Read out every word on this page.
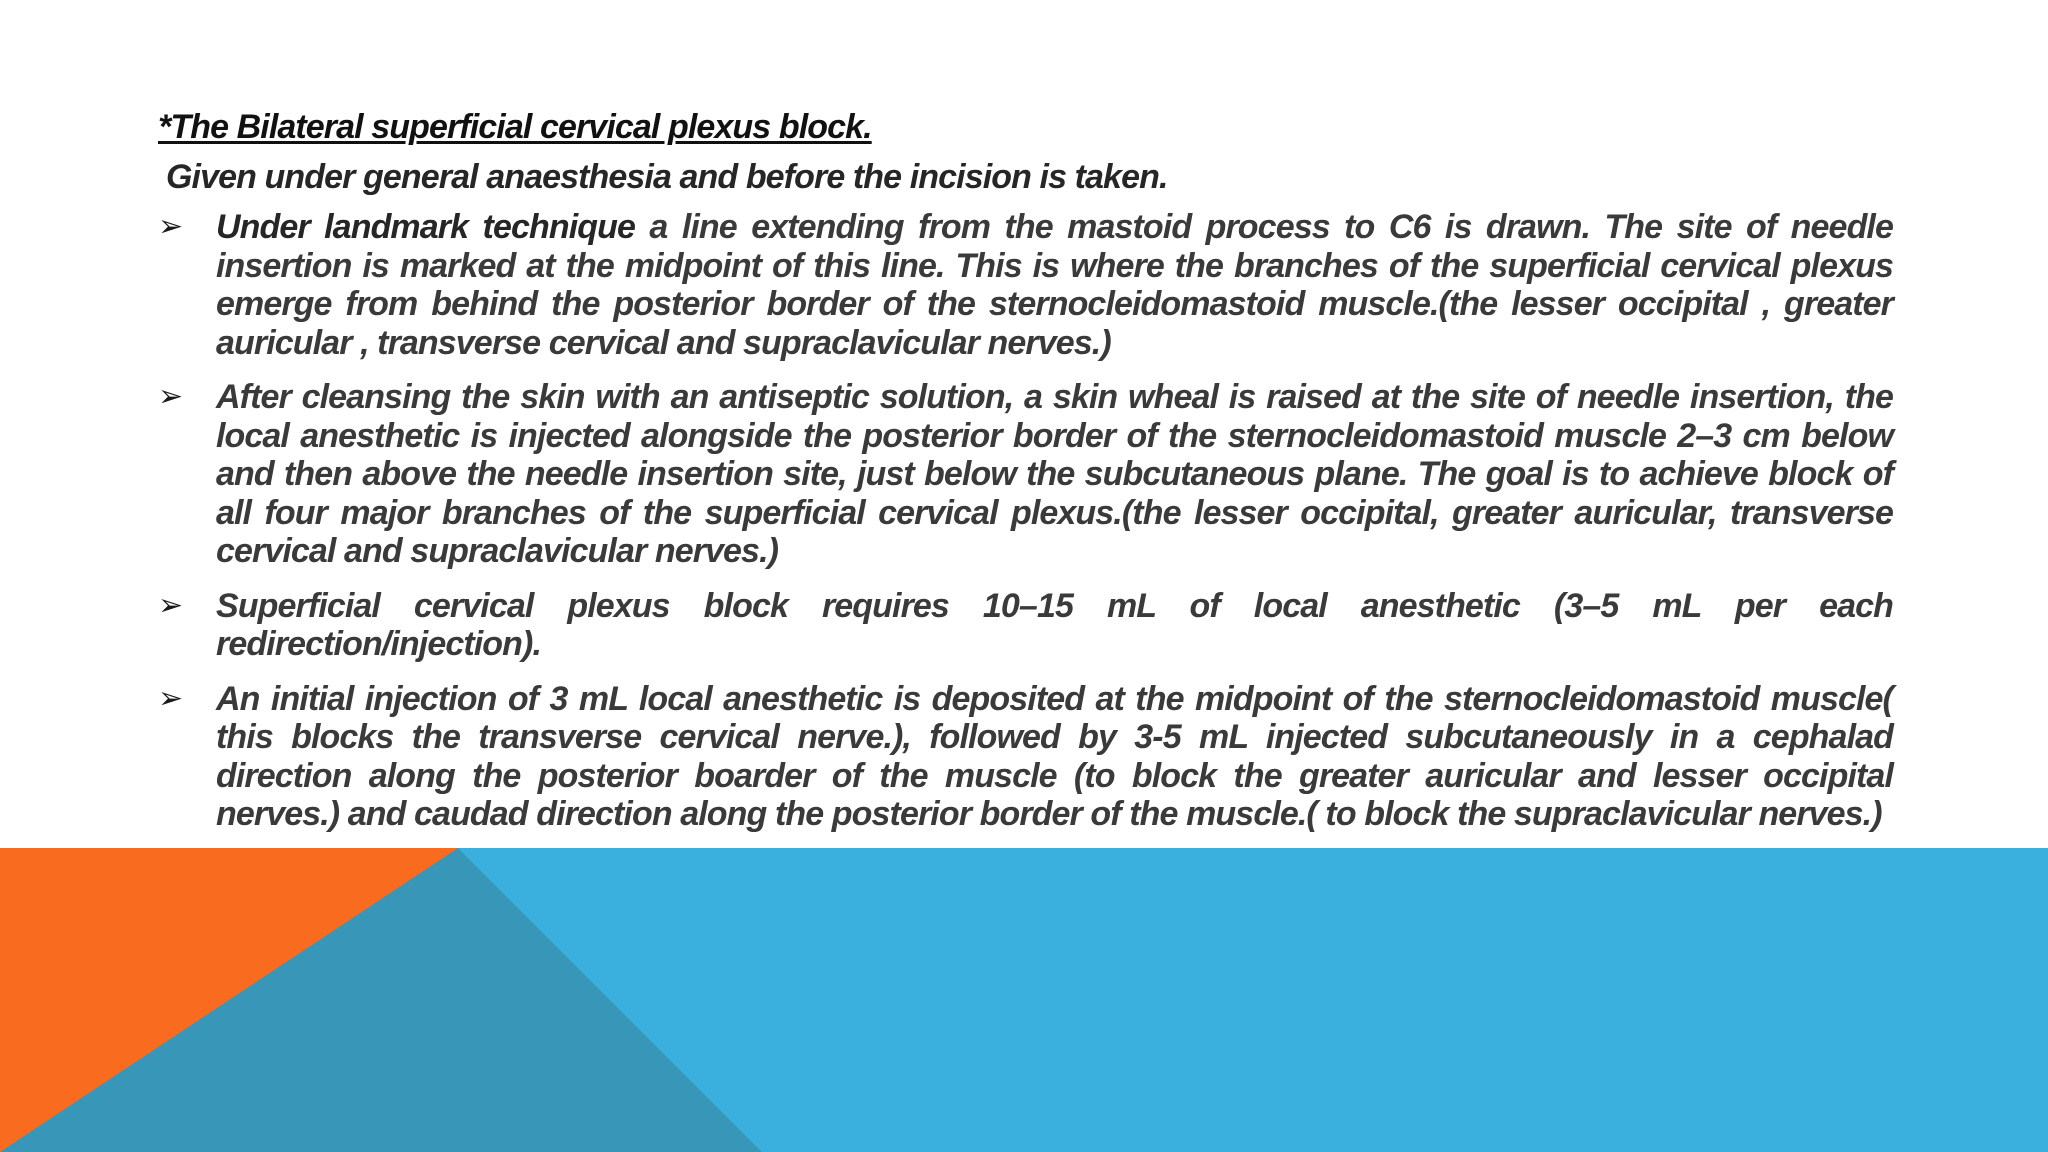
*The Bilateral superficial cervical plexus block.

Given under general anaesthesia and before the incision is taken.

➢ Under landmark technique a line extending from the mastoid process to C6 is drawn. The site of needle insertion is marked at the midpoint of this line. This is where the branches of the superficial cervical plexus emerge from behind the posterior border of the sternocleidomastoid muscle.(the lesser occipital , greater auricular , transverse cervical and supraclavicular nerves.)
➢ After cleansing the skin with an antiseptic solution, a skin wheal is raised at the site of needle insertion, the local anesthetic is injected alongside the posterior border of the sternocleidomastoid muscle 2–3 cm below and then above the needle insertion site, just below the subcutaneous plane. The goal is to achieve block of all four major branches of the superficial cervical plexus.(the lesser occipital, greater auricular, transverse cervical and supraclavicular nerves.)
➢ Superficial cervical plexus block requires 10–15 mL of local anesthetic (3–5 mL per each redirection/injection).
➢ An initial injection of 3 mL local anesthetic is deposited at the midpoint of the sternocleidomastoid muscle( this blocks the transverse cervical nerve.), followed by 3-5 mL injected subcutaneously in a cephalad direction along the posterior boarder of the muscle (to block the greater auricular and lesser occipital nerves.) and caudad direction along the posterior border of the muscle.( to block the supraclavicular nerves.)
